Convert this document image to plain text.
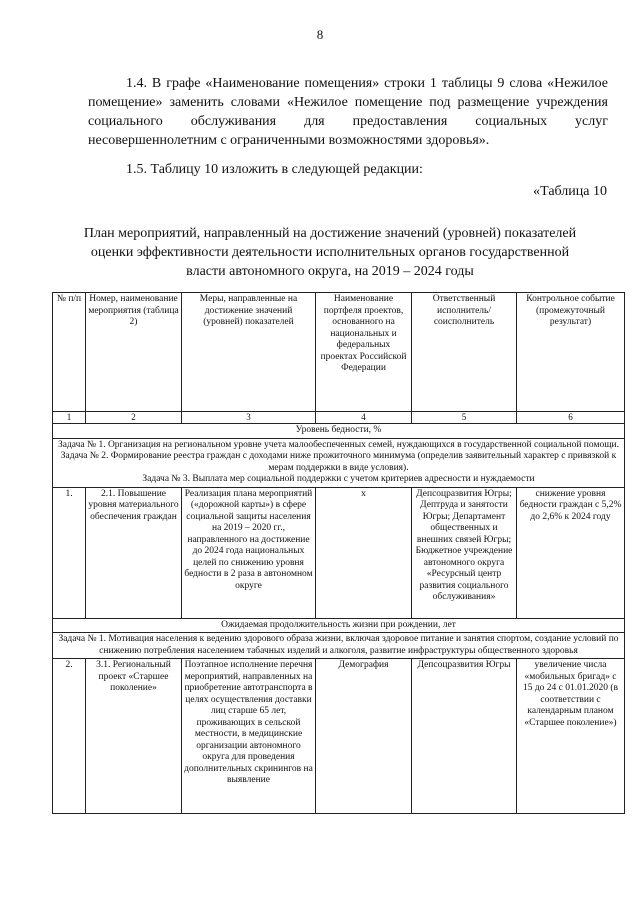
8
1.4. В графе «Наименование помещения» строки 1 таблицы 9 слова «Нежилое помещение» заменить словами «Нежилое помещение под размещение учреждения социального обслуживания для предоставления социальных услуг несовершеннолетним с ограниченными возможностями здоровья».
1.5. Таблицу 10 изложить в следующей редакции:
«Таблица 10
План мероприятий, направленный на достижение значений (уровней) показателей оценки эффективности деятельности исполнительных органов государственной власти автономного округа, на 2019 – 2024 годы
№ п/п	Номер, наименование мероприятия (таблица 2)	Меры, направленные на достижение значений (уровней) показателей	Наименование портфеля проектов, основанного на национальных и федеральных проектах Российской Федерации	Ответственный исполнитель/ соисполнитель	Контрольное событие (промежуточный результат)
1	2	3	4	5	6
Уровень бедности, %					

Задача № 1. Организация на региональном уровне учета малообеспеченных семей, нуждающихся в государственной социальной помощи.
Задача № 2. Формирование реестра граждан с доходами ниже прожиточного минимума (определив заявительный характер с привязкой к мерам поддержки в виде условия).
Задача № 3. Выплата мер социальной поддержки с учетом критериев адресности и нуждаемости					

1.	2.1. Повышение уровня материального обеспечения граждан	Реализация плана мероприятий («дорожной карты») в сфере социальной защиты населения на 2019 – 2020 гг., направленного на достижение до 2024 года национальных целей по снижению уровня бедности в 2 раза в автономном округе	х	Депсоцразвития Югры; Дептруда и занятости Югры; Департамент общественных и внешних связей Югры; Бюджетное учреждение автономного округа «Ресурсный центр развития социального обслуживания»	снижение уровня бедности граждан с 5,2% до 2,6% к 2024 году
Ожидаемая продолжительность жизни при рождении, лет					
Задача № 1. Мотивация населения к ведению здорового образа жизни, включая здоровое питание и занятия спортом, создание условий по снижению потребления населением табачных изделий и алкоголя, развитие инфраструктуры общественного здоровья					
2.	3.1. Региональный проект «Старшее поколение»	Поэтапное исполнение перечня мероприятий, направленных на приобретение автотранспорта в целях осуществления доставки лиц старше 65 лет, проживающих в сельской местности, в медицинские организации автономного округа для проведения дополнительных скринингов на выявление	Демография	Депсоцразвития Югры	увеличение числа «мобильных бригад» с 15 до 24 с 01.01.2020 (в соответствии с календарным планом «Старшее поколение»)
